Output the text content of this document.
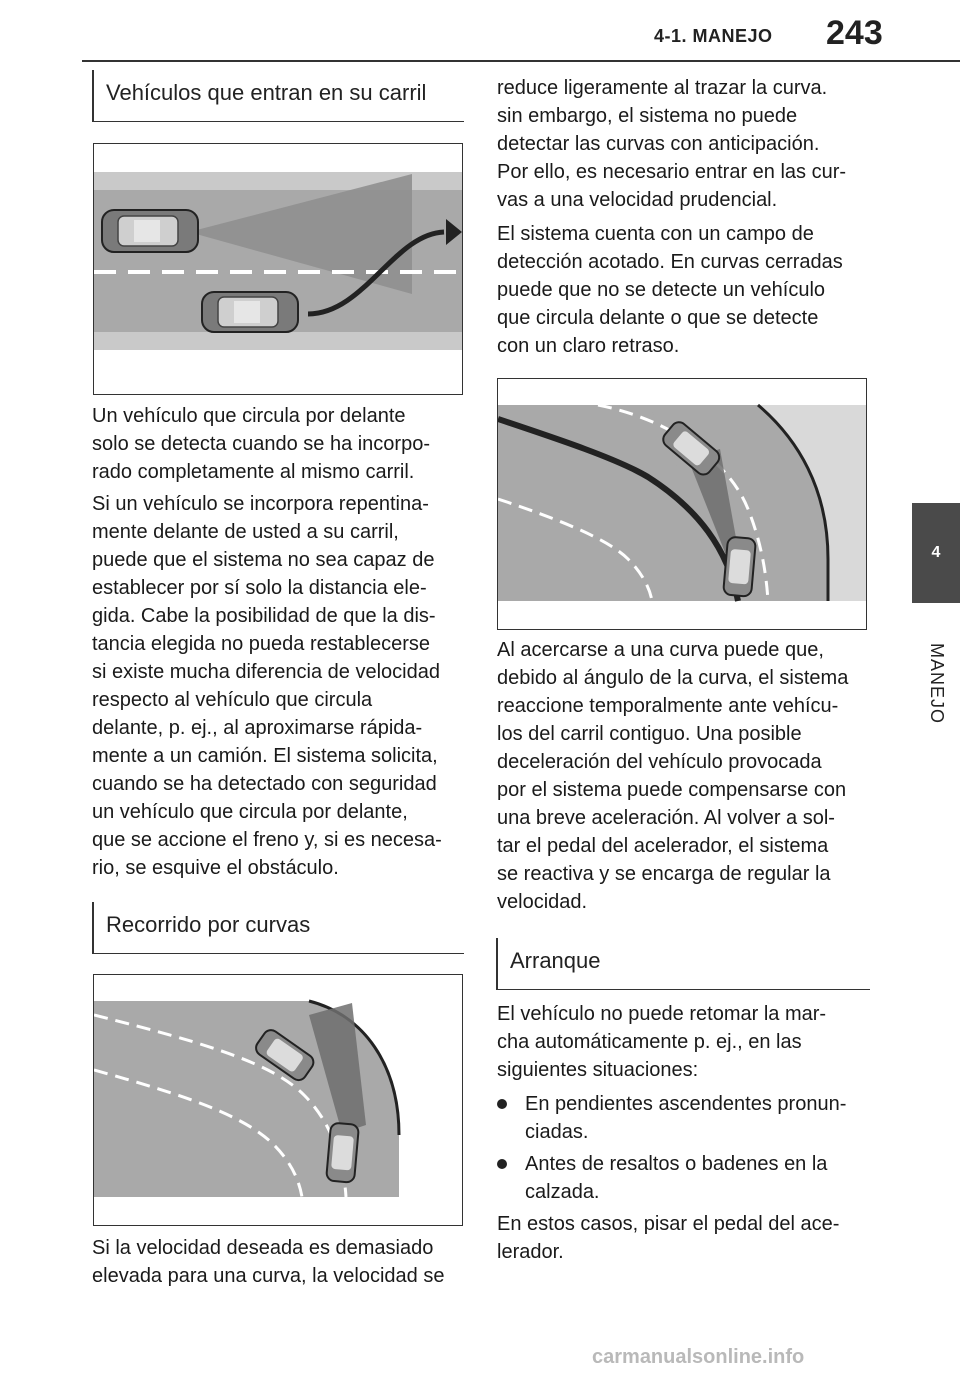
4-1. MANEJO 243
4
MANEJO
Vehículos que entran en su carril
Un vehículo que circula por delante
solo se detecta cuando se ha incorpo-
rado completamente al mismo carril.
Si un vehículo se incorpora repentina-
mente delante de usted a su carril,
puede que el sistema no sea capaz de
establecer por sí solo la distancia ele-
gida. Cabe la posibilidad de que la dis-
tancia elegida no pueda restablecerse
si existe mucha diferencia de velocidad
respecto al vehículo que circula
delante, p. ej., al aproximarse rápida-
mente a un camión. El sistema solicita,
cuando se ha detectado con seguridad
un vehículo que circula por delante,
que se accione el freno y, si es necesa-
rio, se esquive el obstáculo.
Recorrido por curvas
Si la velocidad deseada es demasiado
elevada para una curva, la velocidad se
reduce ligeramente al trazar la curva.
sin embargo, el sistema no puede
detectar las curvas con anticipación.
Por ello, es necesario entrar en las cur-
vas a una velocidad prudencial.
El sistema cuenta con un campo de
detección acotado. En curvas cerradas
puede que no se detecte un vehículo
que circula delante o que se detecte
con un claro retraso.
Al acercarse a una curva puede que,
debido al ángulo de la curva, el sistema
reaccione temporalmente ante vehícu-
los del carril contiguo. Una posible
deceleración del vehículo provocada
por el sistema puede compensarse con
una breve aceleración. Al volver a sol-
tar el pedal del acelerador, el sistema
se reactiva y se encarga de regular la
velocidad.
Arranque
El vehículo no puede retomar la mar-
cha automáticamente p. ej., en las
siguientes situaciones:
En pendientes ascendentes pronun-
ciadas.
Antes de resaltos o badenes en la
calzada.
En estos casos, pisar el pedal del ace-
lerador.
carmanualsonline.info
